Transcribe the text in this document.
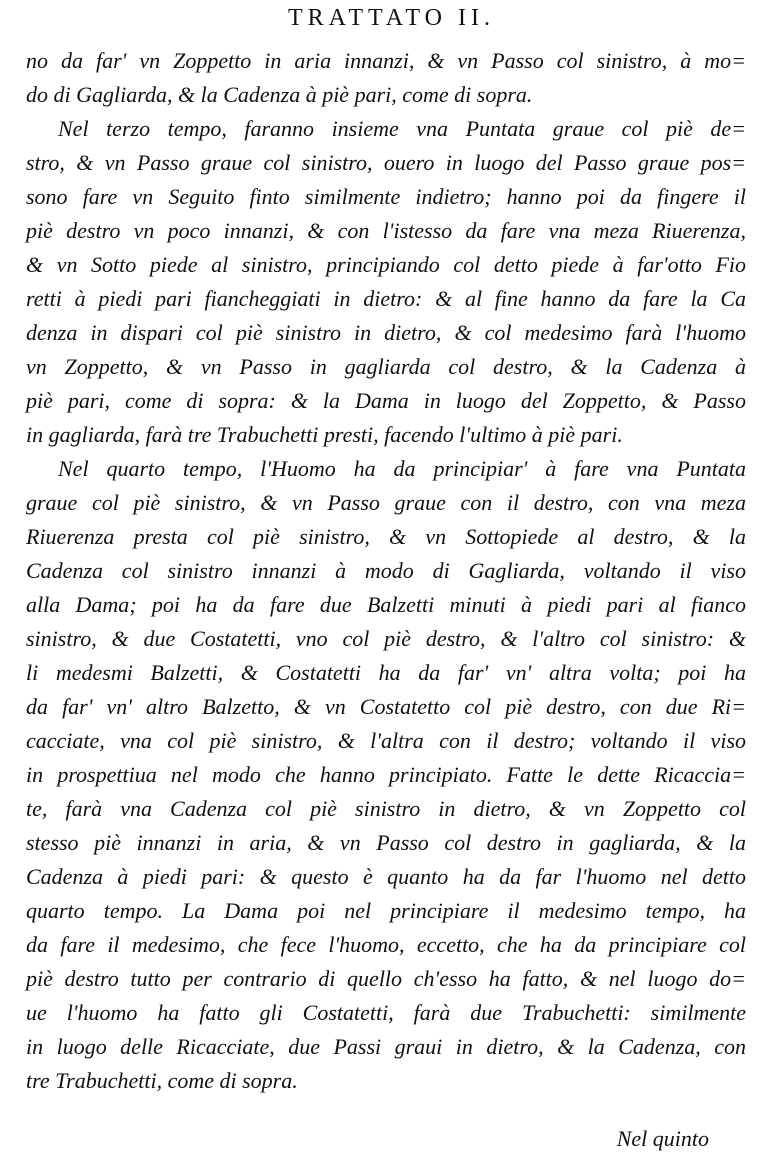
TRATTATO II.
no da far' vn Zoppetto in aria innanzi, & vn Passo col sinistro, à mo=
do di Gagliarda, & la Cadenza à piè pari, come di sopra.
Nel terzo tempo, faranno insieme vna Puntata graue col piè de=
stro, & vn Passo graue col sinistro, ouero in luogo del Passo graue pos=
sono fare vn Seguito finto similmente indietro; hanno poi da fingere il
piè destro vn poco innanzi, & con l'istesso da fare vna meza Riuerenza,
& vn Sotto piede al sinistro, principiando col detto piede à far'otto Fio
retti à piedi pari fiancheggiati in dietro: & al fine hanno da fare la Ca
denza in dispari col piè sinistro in dietro, & col medesimo farà l'huomo
vn Zoppetto, & vn Passo in gagliarda col destro, & la Cadenza à
piè pari, come di sopra: & la Dama in luogo del Zoppetto, & Passo
in gagliarda, farà tre Trabuchetti presti, facendo l'ultimo à piè pari.
Nel quarto tempo, l'Huomo ha da principiar' à fare vna Puntata
graue col piè sinistro, & vn Passo graue con il destro, con vna meza
Riuerenza presta col piè sinistro, & vn Sottopiede al destro, & la
Cadenza col sinistro innanzi à modo di Gagliarda, voltando il viso
alla Dama; poi ha da fare due Balzetti minuti à piedi pari al fianco
sinistro, & due Costatetti, vno col piè destro, & l'altro col sinistro: &
li medesmi Balzetti, & Costatetti ha da far' vn' altra volta; poi ha
da far' vn' altro Balzetto, & vn Costatetto col piè destro, con due Ri=
cacciate, vna col piè sinistro, & l'altra con il destro; voltando il viso
in prospettiua nel modo che hanno principiato. Fatte le dette Ricaccia=
te, farà vna Cadenza col piè sinistro in dietro, & vn Zoppetto col
stesso piè innanzi in aria, & vn Passo col destro in gagliarda, & la
Cadenza à piedi pari: & questo è quanto ha da far l'huomo nel detto
quarto tempo. La Dama poi nel principiare il medesimo tempo, ha
da fare il medesimo, che fece l'huomo, eccetto, che ha da principiare col
piè destro tutto per contrario di quello ch'esso ha fatto, & nel luogo do=
ue l'huomo ha fatto gli Costatetti, farà due Trabuchetti: similmente
in luogo delle Ricacciate, due Passi graui in dietro, & la Cadenza, con
tre Trabuchetti, come di sopra.
Nel quinto
